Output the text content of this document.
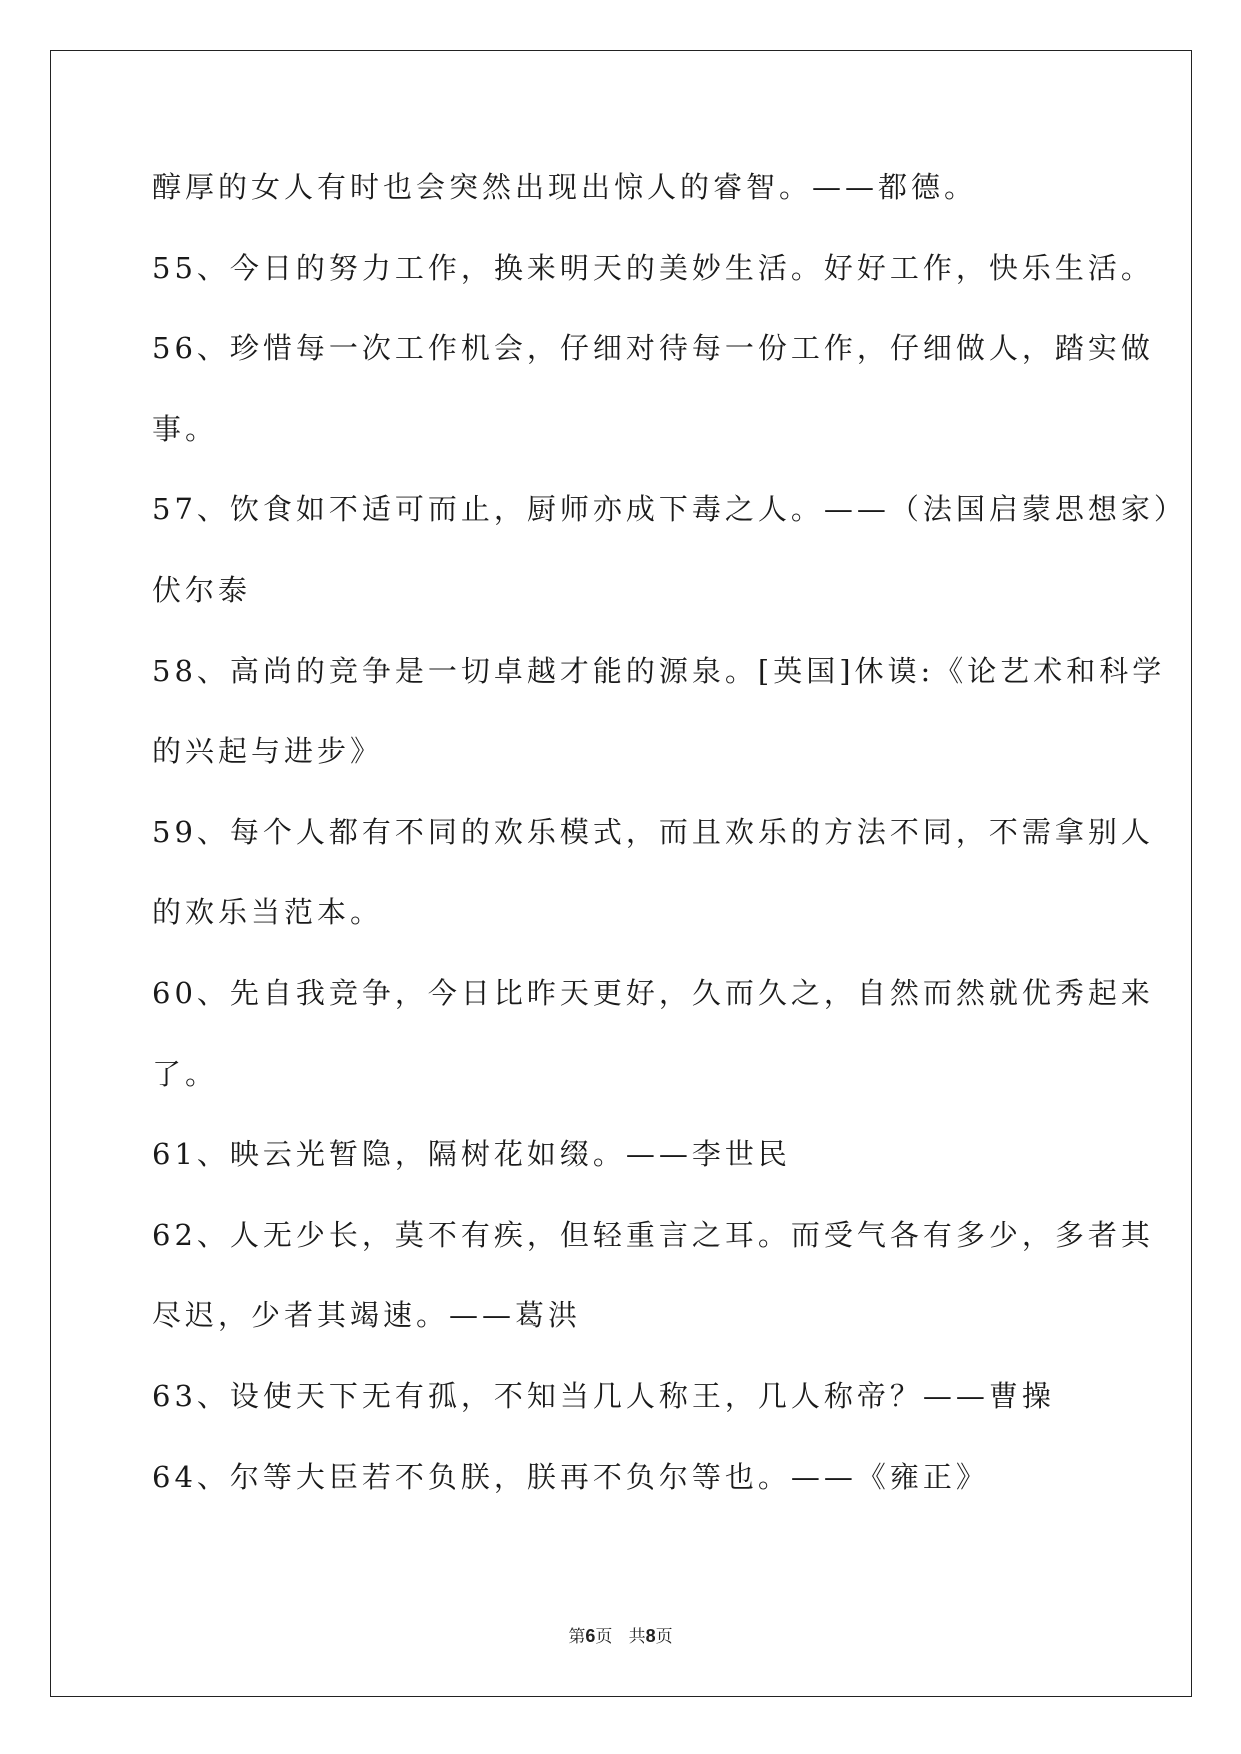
醇厚的女人有时也会突然出现出惊人的睿智。——都德。
55、今日的努力工作，换来明天的美妙生活。好好工作，快乐生活。
56、珍惜每一次工作机会，仔细对待每一份工作，仔细做人，踏实做
事。
57、饮食如不适可而止，厨师亦成下毒之人。——（法国启蒙思想家）
伏尔泰
58、高尚的竞争是一切卓越才能的源泉。[英国]休谟:《论艺术和科学
的兴起与进步》
59、每个人都有不同的欢乐模式，而且欢乐的方法不同，不需拿别人
的欢乐当范本。
60、先自我竞争，今日比昨天更好，久而久之，自然而然就优秀起来
了。
61、映云光暂隐，隔树花如缀。——李世民
62、人无少长，莫不有疾，但轻重言之耳。而受气各有多少，多者其
尽迟，少者其竭速。——葛洪
63、设使天下无有孤，不知当几人称王，几人称帝？——曹操
64、尔等大臣若不负朕，朕再不负尔等也。——《雍正》
第6页 共8页
